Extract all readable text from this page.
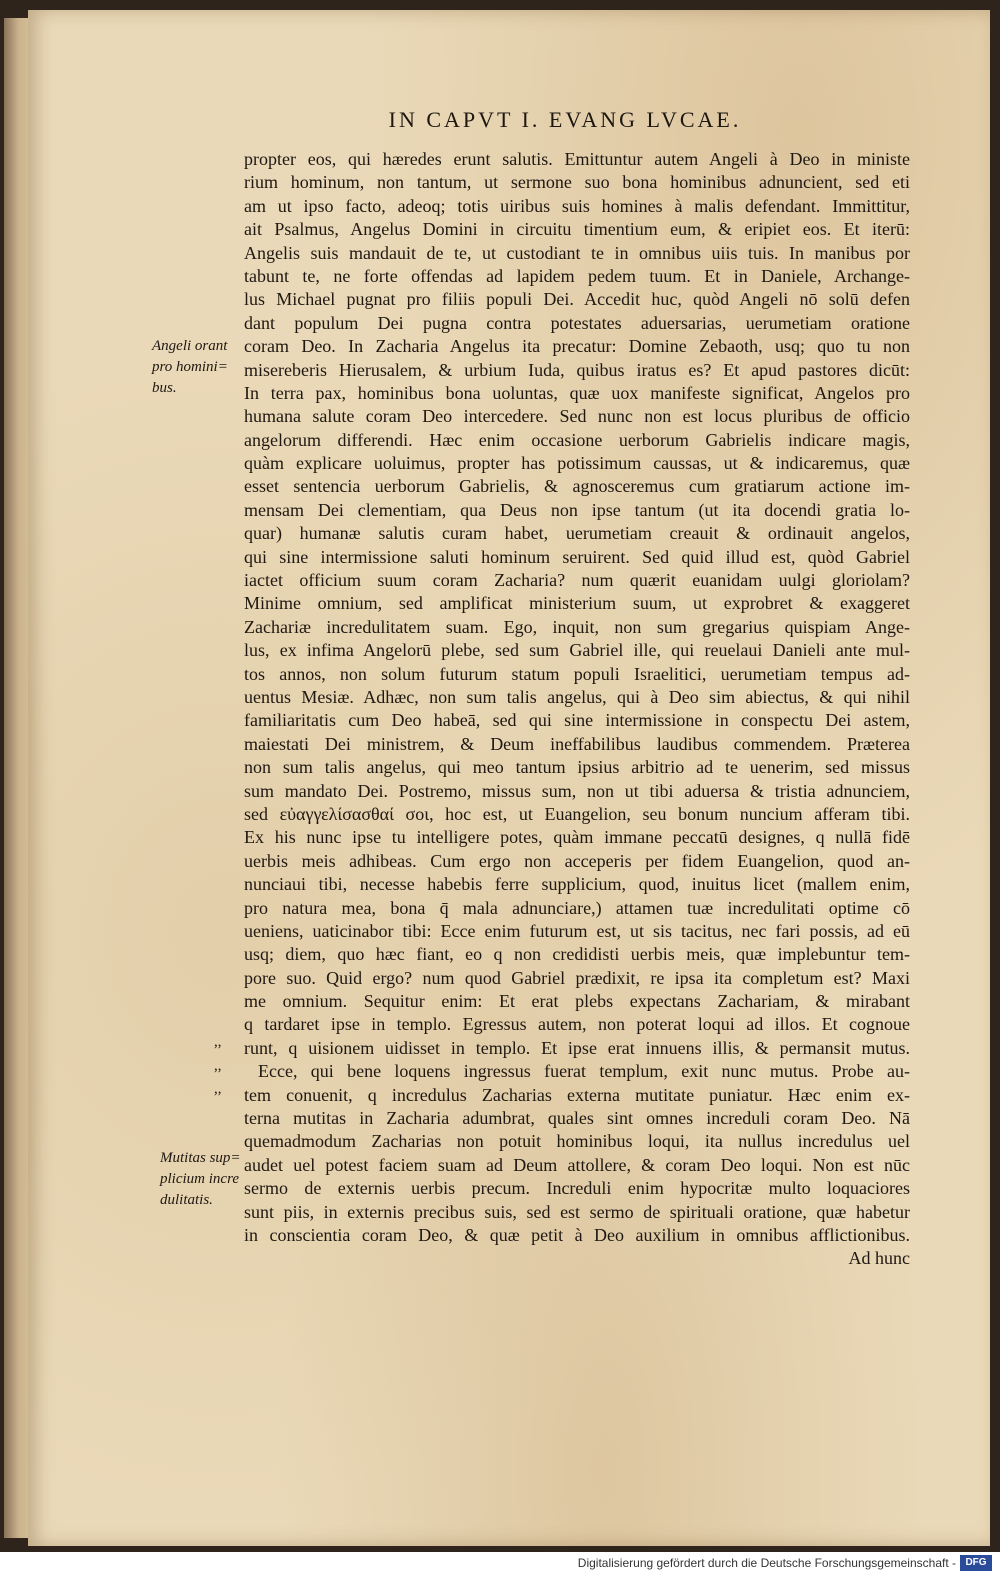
IN CAPVT I. EVANG LVCAE.
propter eos, qui hæredes erunt salutis. Emittuntur autem Angeli à Deo in ministe
rium hominum, non tantum, ut sermone suo bona hominibus adnuncient, sed eti
am ut ipso facto, adeoq; totis uiribus suis homines à malis defendant. Immittitur,
ait Psalmus, Angelus Domini in circuitu timentium eum, & eripiet eos. Et iterū:
Angelis suis mandauit de te, ut custodiant te in omnibus uiis tuis. In manibus por
tabunt te, ne forte offendas ad lapidem pedem tuum. Et in Daniele, Archange-
lus Michael pugnat pro filiis populi Dei. Accedit huc, quòd Angeli nō solū defen
dant populum Dei pugna contra potestates aduersarias, uerumetiam oratione
coram Deo. In Zacharia Angelus ita precatur: Domine Zebaoth, usq; quo tu non
misereberis Hierusalem, & urbium Iuda, quibus iratus es? Et apud pastores dicūt:
In terra pax, hominibus bona uoluntas, quæ uox manifeste significat, Angelos pro
humana salute coram Deo intercedere. Sed nunc non est locus pluribus de officio
angelorum differendi. Hæc enim occasione uerborum Gabrielis indicare magis,
quàm explicare uoluimus, propter has potissimum caussas, ut & indicaremus, quæ
esset sentencia uerborum Gabrielis, & agnosceremus cum gratiarum actione im-
mensam Dei clementiam, qua Deus non ipse tantum (ut ita docendi gratia lo-
quar) humanæ salutis curam habet, uerumetiam creauit & ordinauit angelos,
qui sine intermissione saluti hominum seruirent. Sed quid illud est, quòd Gabriel
iactet officium suum coram Zacharia? num quærit euanidam uulgi gloriolam?
Minime omnium, sed amplificat ministerium suum, ut exprobret & exaggeret
Zachariæ incredulitatem suam. Ego, inquit, non sum gregarius quispiam Ange-
lus, ex infima Angelorū plebe, sed sum Gabriel ille, qui reuelaui Danieli ante mul-
tos annos, non solum futurum statum populi Israelitici, uerumetiam tempus ad-
uentus Mesiæ. Adhæc, non sum talis angelus, qui à Deo sim abiectus, & qui nihil
familiaritatis cum Deo habeā, sed qui sine intermissione in conspectu Dei astem,
maiestati Dei ministrem, & Deum ineffabilibus laudibus commendem. Præterea
non sum talis angelus, qui meo tantum ipsius arbitrio ad te uenerim, sed missus
sum mandato Dei. Postremo, missus sum, non ut tibi aduersa & tristia adnunciem,
sed εὐαγγελίσασθαί σοι, hoc est, ut Euangelion, seu bonum nuncium afferam tibi.
Ex his nunc ipse tu intelligere potes, quàm immane peccatū designes, q nullā fidē
uerbis meis adhibeas. Cum ergo non acceperis per fidem Euangelion, quod an-
nunciaui tibi, necesse habebis ferre supplicium, quod, inuitus licet (mallem enim,
pro natura mea, bona q̄ mala adnunciare,) attamen tuæ incredulitati optime cō
ueniens, uaticinabor tibi: Ecce enim futurum est, ut sis tacitus, nec fari possis, ad eū
usq; diem, quo hæc fiant, eo q non credidisti uerbis meis, quæ implebuntur tem-
pore suo. Quid ergo? num quod Gabriel prædixit, re ipsa ita completum est? Maxi
me omnium. Sequitur enim: Et erat plebs expectans Zachariam, & mirabant
q tardaret ipse in templo. Egressus autem, non poterat loqui ad illos. Et cognoue
runt, q uisionem uidisset in templo. Et ipse erat innuens illis, & permansit mutus.
Ecce, qui bene loquens ingressus fuerat templum, exit nunc mutus. Probe au-
tem conuenit, q incredulus Zacharias externa mutitate puniatur. Hæc enim ex-
terna mutitas in Zacharia adumbrat, quales sint omnes increduli coram Deo. Nā
quemadmodum Zacharias non potuit hominibus loqui, ita nullus incredulus uel
audet uel potest faciem suam ad Deum attollere, & coram Deo loqui. Non est nūc
sermo de externis uerbis precum. Increduli enim hypocritæ multo loquaciores
sunt piis, in externis precibus suis, sed est sermo de spirituali oratione, quæ habetur
in conscientia coram Deo, & quæ petit à Deo auxilium in omnibus afflictionibus.
Ad hunc
Angeli orant
pro homini=
bus.
Mutitas sup=
plicium incre
dulitatis.
,,
,,
,,
Digitalisierung gefördert durch die Deutsche Forschungsgemeinschaft - DFG
